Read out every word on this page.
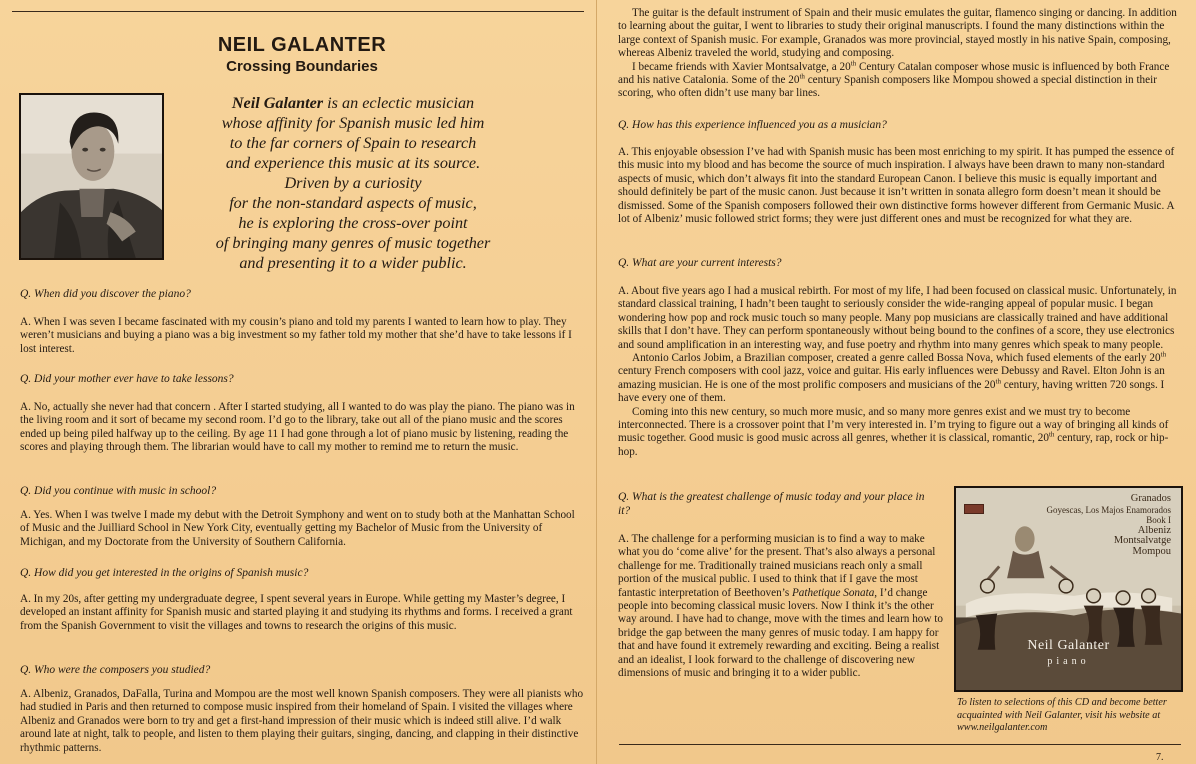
NEIL GALANTER
Crossing Boundaries
Neil Galanter is an eclectic musician
whose affinity for Spanish music led him
to the far corners of Spain to research
and experience this music at its source.
Driven by a curiosity
for the non-standard aspects of music,
he is exploring the cross-over point
of bringing many genres of music together
and presenting it to a wider public.
Q. When did you discover the piano?
A. When I was seven I became fascinated with my cousin’s piano and told my parents I wanted to learn how to play. They weren’t musicians and buying a piano was a big investment so my father told my mother that she’d have to take lessons if I lost interest.
Q. Did your mother ever have to take lessons?
A. No, actually she never had that concern . After I started studying, all I wanted to do was play the piano. The piano was in the living room and it sort of became my second room. I’d go to the library, take out all of the piano music and the scores ended up being piled halfway up to the ceiling. By age 11 I had gone through a lot of piano music by listening, reading the scores and playing through them. The librarian would have to call my mother to remind me to return the music.
Q. Did you continue with music in school?
A. Yes. When I was twelve I made my debut with the Detroit Symphony and went on to study both at the Manhattan School of Music and the Juilliard School in New York City, eventually getting my Bachelor of Music from the University of Michigan, and my Doctorate from the University of Southern California.
Q. How did you get interested in the origins of Spanish music?
A. In my 20s, after getting my undergraduate degree, I spent several years in Europe. While getting my Master’s degree, I developed an instant affinity for Spanish music and started playing it and studying its rhythms and forms. I received a grant from the Spanish Government to visit the villages and towns to research the origins of this music.
Q. Who were the composers you studied?
A. Albeniz, Granados, DaFalla, Turina and Mompou are the most well known Spanish composers. They were all pianists who had studied in Paris and then returned to compose music inspired from their homeland of Spain. I visited the villages where Albeniz and Granados were born to try and get a first-hand impression of their music which is indeed still alive. I’d walk around late at night, talk to people, and listen to them playing their guitars, singing, dancing, and clapping in their distinctive rhythmic patterns.

The guitar is the default instrument of Spain and their music emulates the guitar, flamenco singing or dancing. In addition to learning about the guitar, I went to libraries to study their original manuscripts. I found the many distinctions within the large context of Spanish music. For example, Granados was more provincial, stayed mostly in his native Spain, composing, whereas Albeniz traveled the world, studying and composing.

I became friends with Xavier Montsalvatge, a 20th Century Catalan composer whose music is influenced by both France and his native Catalonia. Some of the 20th century Spanish composers like Mompou showed a special distinction in their scoring, who often didn’t use many bar lines.

Q. How has this experience influenced you as a musician?
A. This enjoyable obsession I’ve had with Spanish music has been most enriching to my spirit. It has pumped the essence of this music into my blood and has become the source of much inspiration. I always have been drawn to many non-standard aspects of music, which don’t always fit into the standard European Canon. I believe this music is equally important and should definitely be part of the music canon. Just because it isn’t written in sonata allegro form doesn’t mean it should be dismissed. Some of the Spanish composers followed their own distinctive forms however different from Germanic Music. A lot of Albeniz’ music followed strict forms; they were just different ones and must be recognized for what they are.
Q. What are your current interests?

A. About five years ago I had a musical rebirth. For most of my life, I had been focused on classical music. Unfortunately, in standard classical training, I hadn’t been taught to seriously consider the wide-ranging appeal of popular music. I began wondering how pop and rock music touch so many people. Many pop musicians are classically trained and have additional skills that I don’t have. They can perform spontaneously without being bound to the confines of a score, they use electronics and sound amplification in an interesting way, and fuse poetry and rhythm into many genres which speak to many people.

Antonio Carlos Jobim, a Brazilian composer, created a genre called Bossa Nova, which fused elements of the early 20th century French composers with cool jazz, voice and guitar. His early influences were Debussy and Ravel. Elton John is an amazing musician. He is one of the most prolific composers and musicians of the 20th century, having written 720 songs. I have every one of them.

Coming into this new century, so much more music, and so many more genres exist and we must try to become interconnected. There is a crossover point that I’m very interested in. I’m trying to figure out a way of bringing all kinds of music together. Good music is good music across all genres, whether it is classical, romantic, 20th century, rap, rock or hip-hop.

Q. What is the greatest challenge of music today and your place in it?
A. The challenge for a performing musician is to find a way to make what you do ‘come alive’ for the present. That’s also always a personal challenge for me. Traditionally trained musicians reach only a small portion of the musical public. I used to think that if I gave the most fantastic interpretation of Beethoven’s Pathetique Sonata, I’d change people into becoming classical music lovers. Now I think it’s the other way around. I have had to change, move with the times and learn how to bridge the gap between the many genres of music today. I am happy for that and have found it extremely rewarding and exciting. Being a realist and an idealist, I look forward to the challenge of discovering new dimensions of music and bringing it to a wider public.
Granados
Goyescas, Los Majos Enamorados
Book I
Albeniz
Montsalvatge
Mompou
Neil Galanter
piano
To listen to selections of this CD and become better acquainted with Neil Galanter, visit his website at www.neilgalanter.com
7.
